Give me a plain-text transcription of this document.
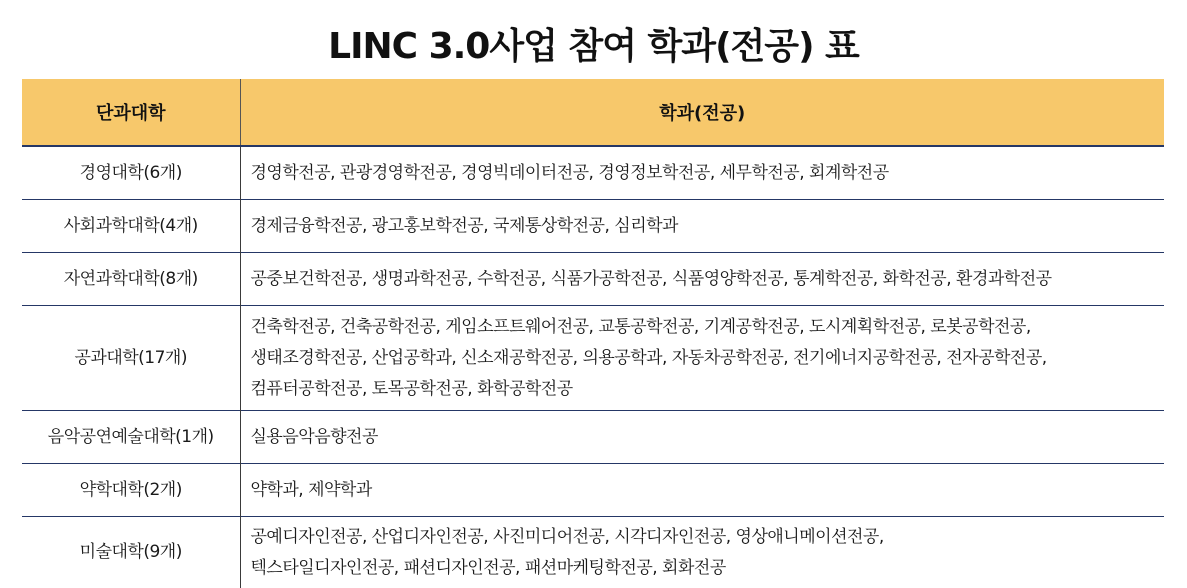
LINC 3.0사업 참여 학과(전공) 표
단과대학	학과(전공)
경영대학(6개)	경영학전공, 관광경영학전공, 경영빅데이터전공, 경영정보학전공, 세무학전공, 회계학전공

사회과학대학(4개)	경제금융학전공, 광고홍보학전공, 국제통상학전공, 심리학과

자연과학대학(8개)	공중보건학전공, 생명과학전공, 수학전공, 식품가공학전공, 식품영양학전공, 통계학전공, 화학전공, 환경과학전공

공과대학(17개)	건축학전공, 건축공학전공, 게임소프트웨어전공, 교통공학전공, 기계공학전공, 도시계획학전공, 로봇공학전공,
생태조경학전공, 산업공학과, 신소재공학전공, 의용공학과, 자동차공학전공, 전기에너지공학전공, 전자공학전공,
컴퓨터공학전공, 토목공학전공, 화학공학전공

음악공연예술대학(1개)	실용음악음향전공

약학대학(2개)	약학과, 제약학과

미술대학(9개)	공예디자인전공, 산업디자인전공, 사진미디어전공, 시각디자인전공, 영상애니메이션전공,
텍스타일디자인전공, 패션디자인전공, 패션마케팅학전공, 회화전공
